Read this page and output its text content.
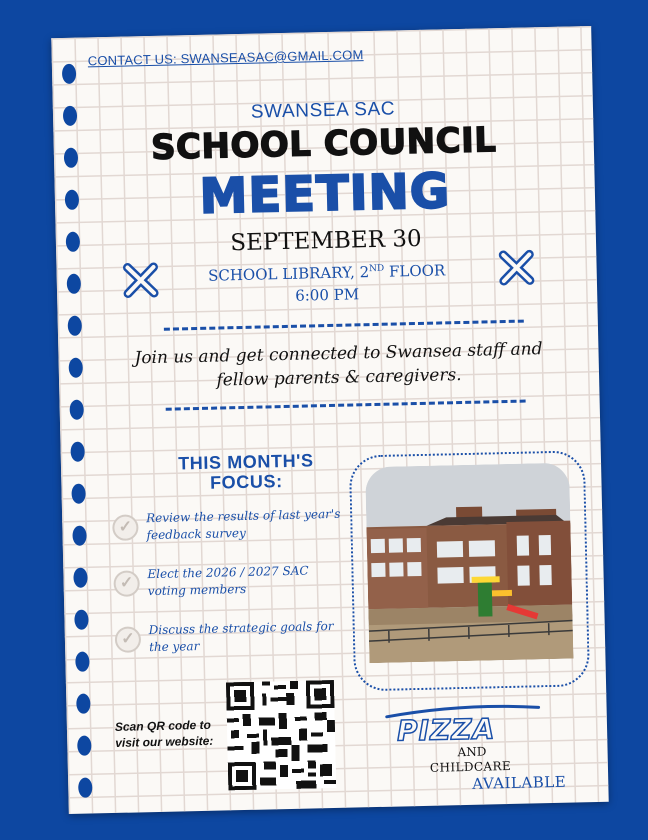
CONTACT US: SWANSEASAC@GMAIL.COM
SWANSEA SAC
SCHOOL COUNCIL
MEETING
SEPTEMBER 30
SCHOOL LIBRARY, 2ND FLOOR
6:00 PM
Join us and get connected to Swansea staff and fellow parents & caregivers.
THIS MONTH'S FOCUS:
✓
Review the results of last year's feedback survey
✓
Elect the 2026 / 2027 SAC voting members
✓
Discuss the strategic goals for the year
Scan QR code to visit our website:	PIZZA
AND
CHILDCARE
AVAILABLE
